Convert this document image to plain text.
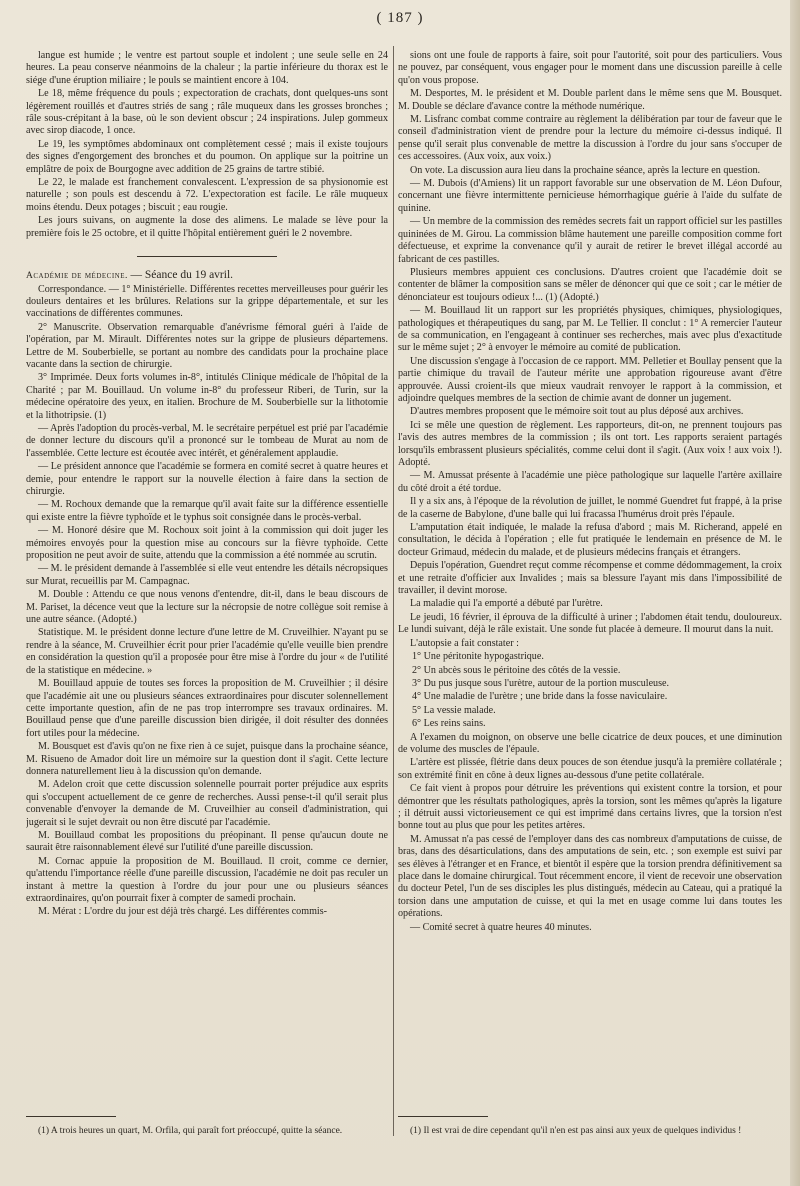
( 187 )

langue est humide ; le ventre est partout souple et indolent ; une seule selle en 24 heures. La peau conserve néanmoins de la chaleur ; la partie inférieure du thorax est le siége d'une éruption miliaire ; le pouls se maintient encore à 104.

Le 18, même fréquence du pouls ; expectoration de crachats, dont quelques-uns sont légèrement rouillés et d'autres striés de sang ; râle muqueux dans les grosses bronches ; râle sous-crépitant à la base, où le son devient obscur ; 24 inspirations. Julep gommeux avec sirop diacode, 1 once.

Le 19, les symptômes abdominaux ont complètement cessé ; mais il existe toujours des signes d'engorgement des bronches et du poumon. On applique sur la poitrine un emplâtre de poix de Bourgogne avec addition de 25 grains de tartre stibié.

Le 22, le malade est franchement convalescent. L'expression de sa physionomie est naturelle ; son pouls est descendu à 72. L'expectoration est facile. Le râle muqueux moins étendu. Deux potages ; biscuit ; eau rougie.

Les jours suivans, on augmente la dose des alimens. Le malade se lève pour la première fois le 25 octobre, et il quitte l'hôpital entièrement guéri le 2 novembre.

Académie de médecine. — Séance du 19 avril.

Correspondance. — 1° Ministérielle. Différentes recettes merveilleuses pour guérir les douleurs dentaires et les brûlures. Relations sur la grippe départementale, et sur les vaccinations de différentes communes.

2° Manuscrite. Observation remarquable d'anévrisme fémoral guéri à l'aide de l'opération, par M. Mirault. Différentes notes sur la grippe de plusieurs départemens. Lettre de M. Souberbielle, se portant au nombre des candidats pour la prochaine place vacante dans la section de chirurgie.

3° Imprimée. Deux forts volumes in-8°, intitulés Clinique médicale de l'hôpital de la Charité ; par M. Bouillaud. Un volume in-8° du professeur Riberi, de Turin, sur la médecine opératoire des yeux, en italien. Brochure de M. Souberbielle sur la lithotomie et la lithotripsie. (1)

— Après l'adoption du procès-verbal, M. le secrétaire perpétuel est prié par l'académie de donner lecture du discours qu'il a prononcé sur le tombeau de Murat au nom de l'assemblée. Cette lecture est écoutée avec intérêt, et généralement applaudie.

— Le président annonce que l'académie se formera en comité secret à quatre heures et demie, pour entendre le rapport sur la nouvelle élection à faire dans la section de chirurgie.

— M. Rochoux demande que la remarque qu'il avait faite sur la différence essentielle qui existe entre la fièvre typhoïde et le typhus soit consignée dans le procès-verbal.

— M. Honoré désire que M. Rochoux soit joint à la commission qui doit juger les mémoires envoyés pour la question mise au concours sur la fièvre typhoïde. Cette proposition ne peut avoir de suite, attendu que la commission a été nommée au scrutin.

— M. le président demande à l'assemblée si elle veut entendre les détails nécropsiques sur Murat, recueillis par M. Campagnac.

M. Double : Attendu ce que nous venons d'entendre, dit-il, dans le beau discours de M. Pariset, la décence veut que la lecture sur la nécropsie de notre collègue soit remise à une autre séance. (Adopté.)

Statistique. M. le président donne lecture d'une lettre de M. Cruveilhier. N'ayant pu se rendre à la séance, M. Cruveilhier écrit pour prier l'académie qu'elle veuille bien prendre en considération la question qu'il a proposée pour être mise à l'ordre du jour « de l'utilité de la statistique en médecine. »

M. Bouillaud appuie de toutes ses forces la proposition de M. Cruveilhier ; il désire que l'académie ait une ou plusieurs séances extraordinaires pour discuter solennellement cette importante question, afin de ne pas trop interrompre ses travaux ordinaires. M. Bouillaud pense que d'une pareille discussion bien dirigée, il doit résulter des données fort utiles pour la médecine.

M. Bousquet est d'avis qu'on ne fixe rien à ce sujet, puisque dans la prochaine séance, M. Risueno de Amador doit lire un mémoire sur la question dont il s'agit. Cette lecture donnera naturellement lieu à la discussion qu'on demande.

M. Adelon croit que cette discussion solennelle pourrait porter préjudice aux esprits qui s'occupent actuellement de ce genre de recherches. Aussi pense-t-il qu'il serait plus convenable d'envoyer la demande de M. Cruveilhier au conseil d'administration, qui jugerait si le sujet devrait ou non être discuté par l'académie.

M. Bouillaud combat les propositions du préopinant. Il pense qu'aucun doute ne saurait être raisonnablement élevé sur l'utilité d'une pareille discussion.

M. Cornac appuie la proposition de M. Bouillaud. Il croit, comme ce dernier, qu'attendu l'importance réelle d'une pareille discussion, l'académie ne doit pas reculer un instant à mettre la question à l'ordre du jour pour une ou plusieurs séances extraordinaires, qu'on pourrait fixer à compter de samedi prochain.

M. Mérat : L'ordre du jour est déjà très chargé. Les différentes commis-

sions ont une foule de rapports à faire, soit pour l'autorité, soit pour des particuliers. Vous ne pouvez, par conséquent, vous engager pour le moment dans une discussion pareille à celle qu'on vous propose.

M. Desportes, M. le président et M. Double parlent dans le même sens que M. Bousquet. M. Double se déclare d'avance contre la méthode numérique.

M. Lisfranc combat comme contraire au règlement la délibération par tour de faveur que le conseil d'administration vient de prendre pour la lecture du mémoire ci-dessus indiqué. Il pense qu'il serait plus convenable de mettre la discussion à l'ordre du jour sans s'occuper de ces accessoires. (Aux voix, aux voix.)

On vote. La discussion aura lieu dans la prochaine séance, après la lecture en question.

— M. Dubois (d'Amiens) lit un rapport favorable sur une observation de M. Léon Dufour, concernant une fièvre intermittente pernicieuse hémorrhagique guérie à l'aide du sulfate de quinine.

— Un membre de la commission des remèdes secrets fait un rapport officiel sur les pastilles quininées de M. Girou. La commission blâme hautement une pareille composition comme fort défectueuse, et exprime la convenance qu'il y aurait de retirer le brevet illégal accordé au fabricant de ces pastilles.

Plusieurs membres appuient ces conclusions. D'autres croient que l'académie doit se contenter de blâmer la composition sans se mêler de dénoncer qui que ce soit ; car le métier de dénonciateur est toujours odieux !... (1) (Adopté.)

— M. Bouillaud lit un rapport sur les propriétés physiques, chimiques, physiologiques, pathologiques et thérapeutiques du sang, par M. Le Tellier. Il conclut : 1° A remercier l'auteur de sa communication, en l'engageant à continuer ses recherches, mais avec plus d'exactitude sur le même sujet ; 2° à envoyer le mémoire au comité de publication.

Une discussion s'engage à l'occasion de ce rapport. MM. Pelletier et Boullay pensent que la partie chimique du travail de l'auteur mérite une approbation rigoureuse avant d'être approuvée. Aussi croient-ils que mieux vaudrait renvoyer le rapport à la commission, et adjoindre quelques membres de la section de chimie avant de donner un jugement.

D'autres membres proposent que le mémoire soit tout au plus déposé aux archives.

Ici se mêle une question de règlement. Les rapporteurs, dit-on, ne prennent toujours pas l'avis des autres membres de la commission ; ils ont tort. Les rapports seraient partagés lorsqu'ils embrassent plusieurs spécialités, comme celui dont il s'agit. (Aux voix ! aux voix !). Adopté.

— M. Amussat présente à l'académie une pièce pathologique sur laquelle l'artère axillaire du côté droit a été tordue.

Il y a six ans, à l'époque de la révolution de juillet, le nommé Guendret fut frappé, à la prise de la caserne de Babylone, d'une balle qui lui fracassa l'humérus droit près l'épaule.

L'amputation était indiquée, le malade la refusa d'abord ; mais M. Richerand, appelé en consultation, le décida à l'opération ; elle fut pratiquée le lendemain en présence de M. le docteur Grimaud, médecin du malade, et de plusieurs médecins français et étrangers.

Depuis l'opération, Guendret reçut comme récompense et comme dédommagement, la croix et une retraite d'officier aux Invalides ; mais sa blessure l'ayant mis dans l'impossibilité de travailler, il devint morose.

La maladie qui l'a emporté a débuté par l'urètre.

Le jeudi, 16 février, il éprouva de la difficulté à uriner ; l'abdomen était tendu, douloureux. Le lundi suivant, déjà le râle existait. Une sonde fut placée à demeure. Il mourut dans la nuit.

L'autopsie a fait constater :

1° Une péritonite hypogastrique.

2° Un abcès sous le péritoine des côtés de la vessie.

3° Du pus jusque sous l'urètre, autour de la portion musculeuse.

4° Une maladie de l'urètre ; une bride dans la fosse naviculaire.

5° La vessie malade.

6° Les reins sains.

A l'examen du moignon, on observe une belle cicatrice de deux pouces, et une diminution de volume des muscles de l'épaule.

L'artère est plissée, flétrie dans deux pouces de son étendue jusqu'à la première collatérale ; son extrémité finit en cône à deux lignes au-dessous d'une petite collatérale.

Ce fait vient à propos pour détruire les préventions qui existent contre la torsion, et pour démontrer que les résultats pathologiques, après la torsion, sont les mêmes qu'après la ligature ; il détruit aussi victorieusement ce qui est imprimé dans certains livres, que la torsion n'est bonne tout au plus que pour les petites artères.

M. Amussat n'a pas cessé de l'employer dans des cas nombreux d'amputations de cuisse, de bras, dans des désarticulations, dans des amputations de sein, etc. ; son exemple est suivi par ses élèves à l'étranger et en France, et bientôt il espère que la torsion prendra définitivement sa place dans le domaine chirurgical. Tout récemment encore, il vient de recevoir une observation du docteur Petel, l'un de ses disciples les plus distingués, médecin au Cateau, qui a pratiqué la torsion dans une amputation de cuisse, et qui la met en usage comme lui dans toutes les opérations.

— Comité secret à quatre heures 40 minutes.

(1) A trois heures un quart, M. Orfila, qui paraît fort préoccupé, quitte la séance.	(1) Il est vrai de dire cependant qu'il n'en est pas ainsi aux yeux de quelques individus !
